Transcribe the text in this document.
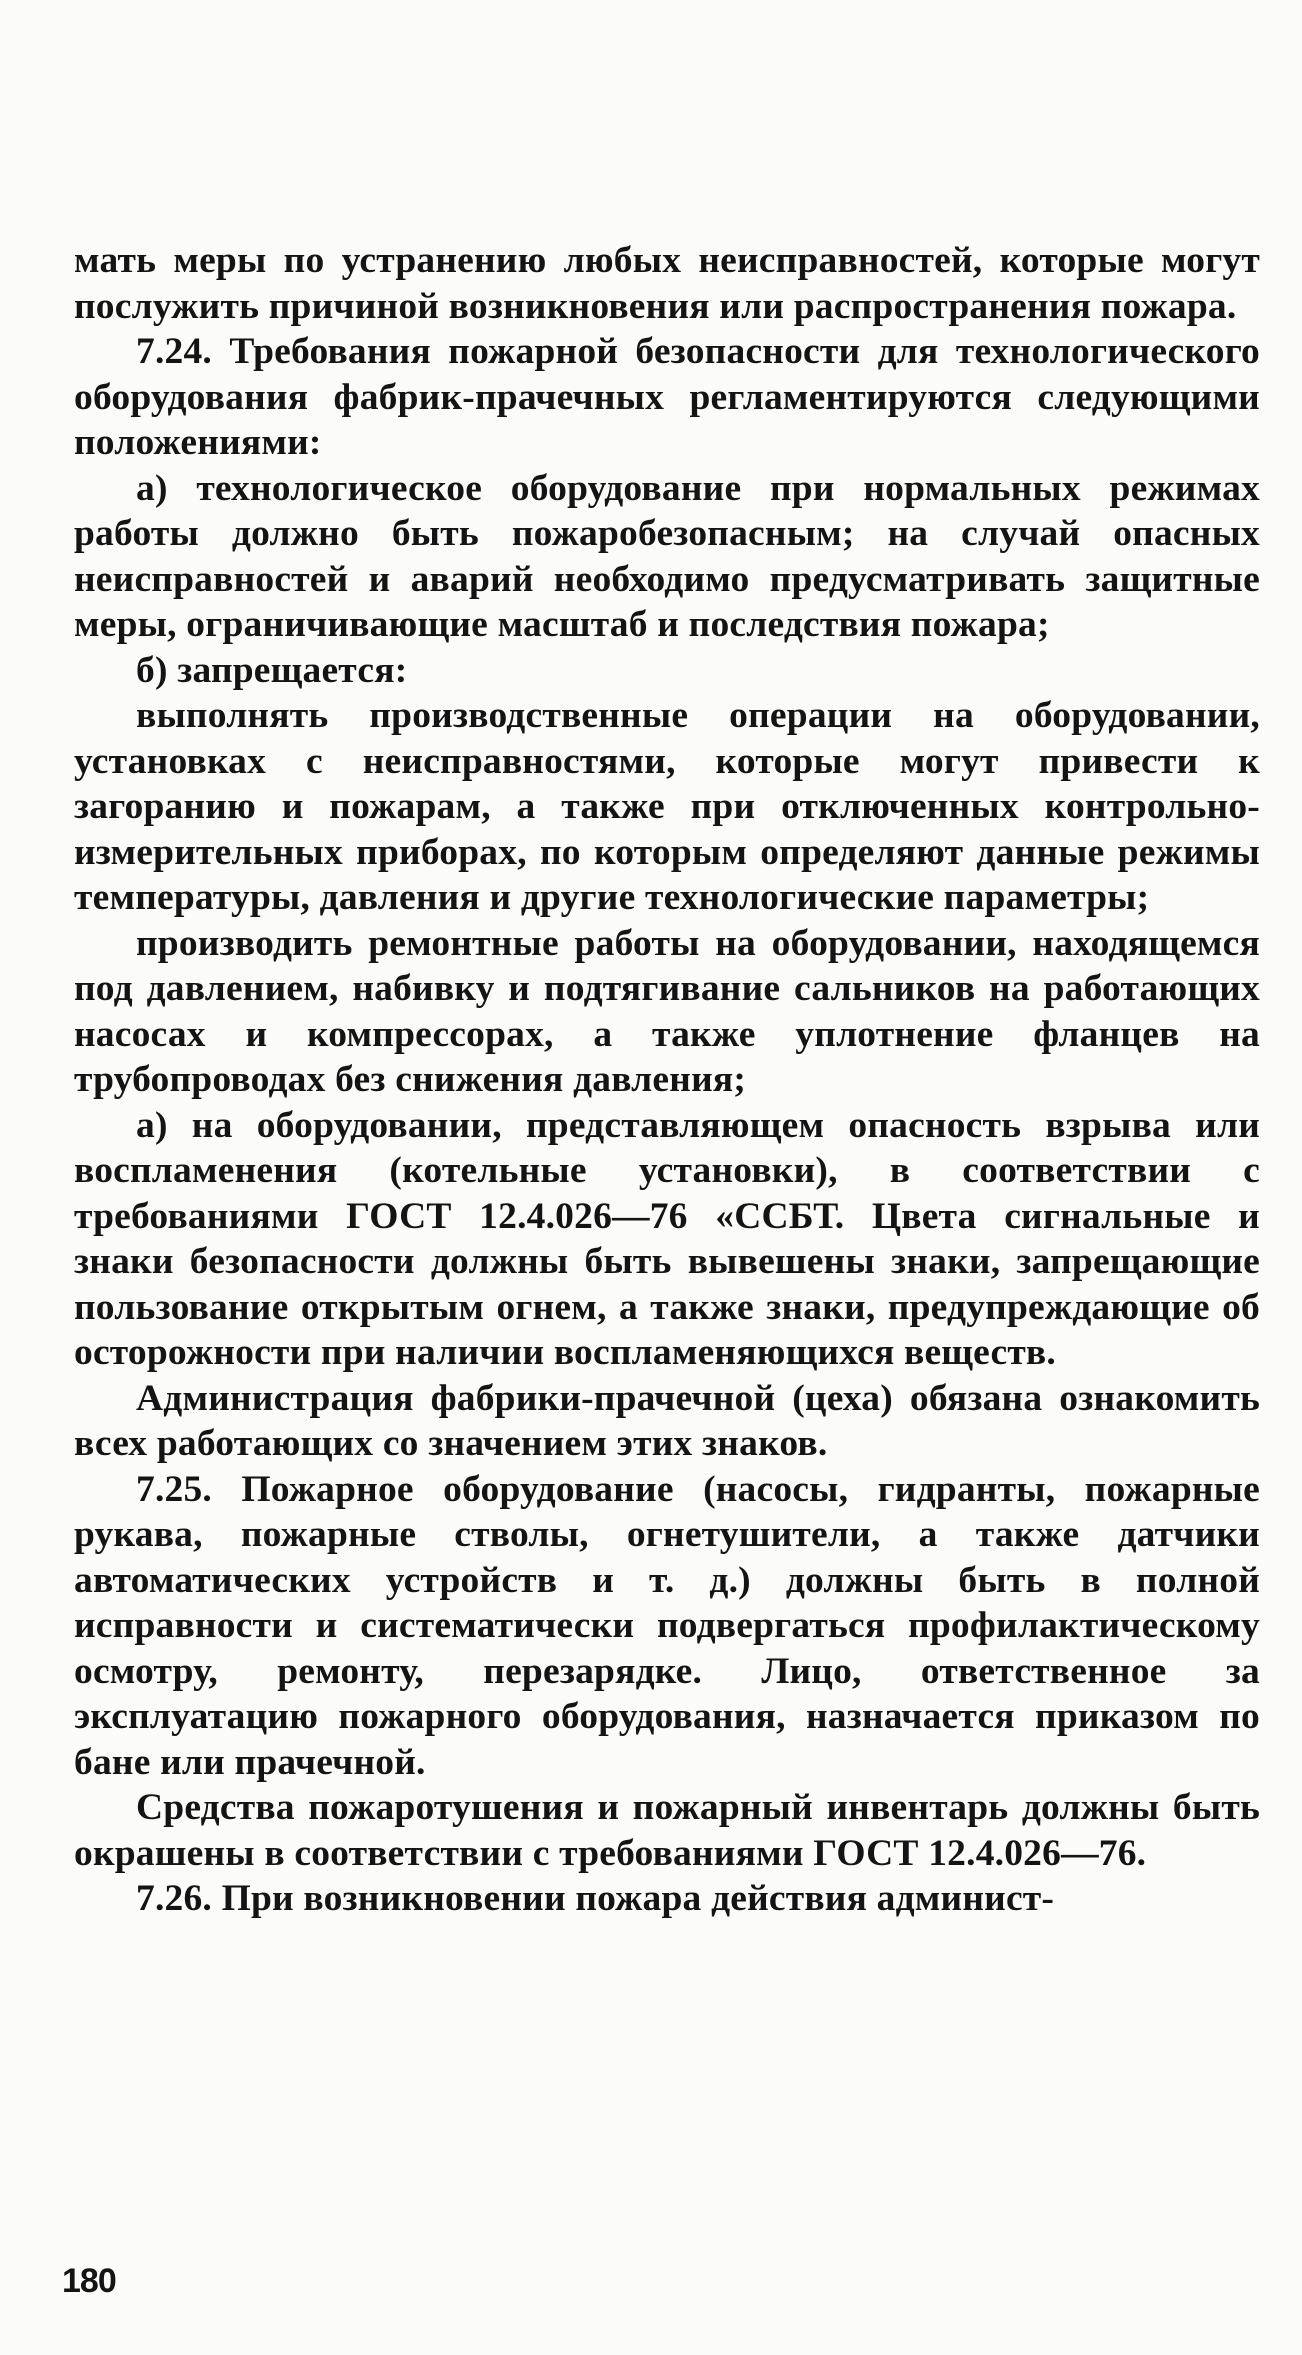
мать меры по устранению любых неисправностей, которые могут послужить причиной возникновения или распространения пожара.

7.24. Требования пожарной безопасности для технологического оборудования фабрик-прачечных регламентируются следующими положениями:

а) технологическое оборудование при нормальных режимах работы должно быть пожаробезопасным; на случай опасных неисправностей и аварий необходимо предусматривать защитные меры, ограничивающие масштаб и последствия пожара;

б) запрещается:

выполнять производственные операции на оборудовании, установках с неисправностями, которые могут привести к загоранию и пожарам, а также при отключенных контрольно-измерительных приборах, по которым определяют данные режимы температуры, давления и другие технологические параметры;

производить ремонтные работы на оборудовании, находящемся под давлением, набивку и подтягивание сальников на работающих насосах и компрессорах, а также уплотнение фланцев на трубопроводах без снижения давления;

а) на оборудовании, представляющем опасность взрыва или воспламенения (котельные установки), в соответствии с требованиями ГОСТ 12.4.026—76 «ССБТ. Цвета сигнальные и знаки безопасности должны быть вывешены знаки, запрещающие пользование открытым огнем, а также знаки, предупреждающие об осторожности при наличии воспламеняющихся веществ.

Администрация фабрики-прачечной (цеха) обязана ознакомить всех работающих со значением этих знаков.

7.25. Пожарное оборудование (насосы, гидранты, пожарные рукава, пожарные стволы, огнетушители, а также датчики автоматических устройств и т. д.) должны быть в полной исправности и систематически подвергаться профилактическому осмотру, ремонту, перезарядке. Лицо, ответственное за эксплуатацию пожарного оборудования, назначается приказом по бане или прачечной.

Средства пожаротушения и пожарный инвентарь должны быть окрашены в соответствии с требованиями ГОСТ 12.4.026—76.

7.26. При возникновении пожара действия админист-

180
